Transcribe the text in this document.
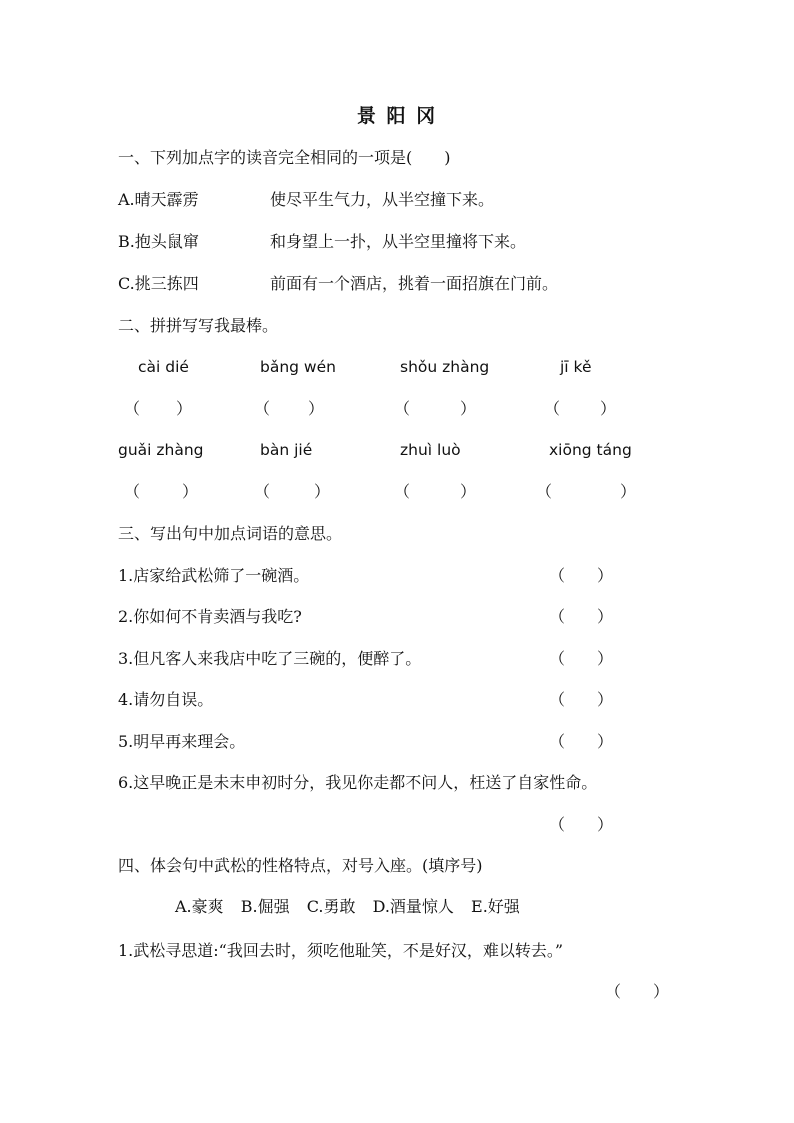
景 阳 冈
一、下列加点字的读音完全相同的一项是(　　)
A.晴天霹雳	使尽平生气力，从半空撞下来。
B.抱头鼠窜	和身望上一扑，从半空里撞将下来。
C.挑三拣四	前面有一个酒店，挑着一面招旗在门前。
二、拼拼写写我最棒。
cài dié	bǎng wén	shǒu zhàng	jī kě
（ ）	（ ）	（	）	（	）
guǎi zhàng	bàn jié	zhuì luò	xiōng táng
（	）	（	）	（	）	（	）
三、写出句中加点词语的意思。
1.店家给武松筛了一碗酒。	（　　）
2.你如何不肯卖酒与我吃?	（　　）
3.但凡客人来我店中吃了三碗的，便醉了。	（　　）
4.请勿自误。	（　　）
5.明早再来理会。	（　　）
6.这早晚正是未末申初时分，我见你走都不问人，枉送了自家性命。
（　　）
四、体会句中武松的性格特点，对号入座。(填序号)
A.豪爽 B.倔强 C.勇敢 D.酒量惊人 E.好强
1.武松寻思道:“我回去时，须吃他耻笑，不是好汉，难以转去。”
（　　）
